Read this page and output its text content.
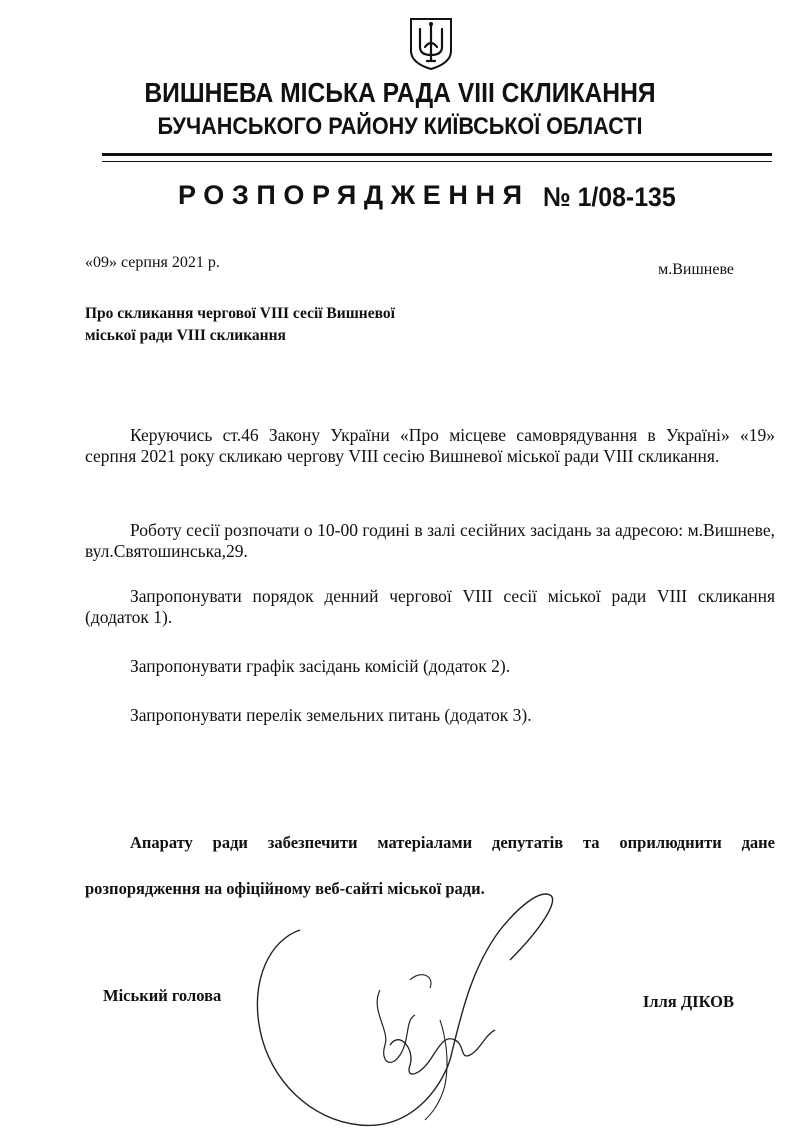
ВИШНЕВА МІСЬКА РАДА VIII СКЛИКАННЯ
БУЧАНСЬКОГО РАЙОНУ КИЇВСЬКОЇ ОБЛАСТІ
РОЗПОРЯДЖЕННЯ № 1/08-135
«09» серпня 2021 р.	м.Вишневе
Про скликання чергової VIII сесії Вишневої
міської ради VIII скликання
Керуючись ст.46 Закону України «Про місцеве самоврядування в Україні» «19» серпня 2021 року скликаю чергову VIII сесію Вишневої міської ради VIII скликання.
Роботу сесії розпочати о 10-00 годині в залі сесійних засідань за адресою: м.Вишневе, вул.Святошинська,29.
Запропонувати порядок денний чергової VIII сесії міської ради VIII скликання (додаток 1).
Запропонувати графік засідань комісій (додаток 2).
Запропонувати перелік земельних питань (додаток 3).
Апарату ради забезпечити матеріалами депутатів та оприлюднити дане розпорядження на офіційному веб-сайті міської ради.
Міський голова	Ілля ДІКОВ
